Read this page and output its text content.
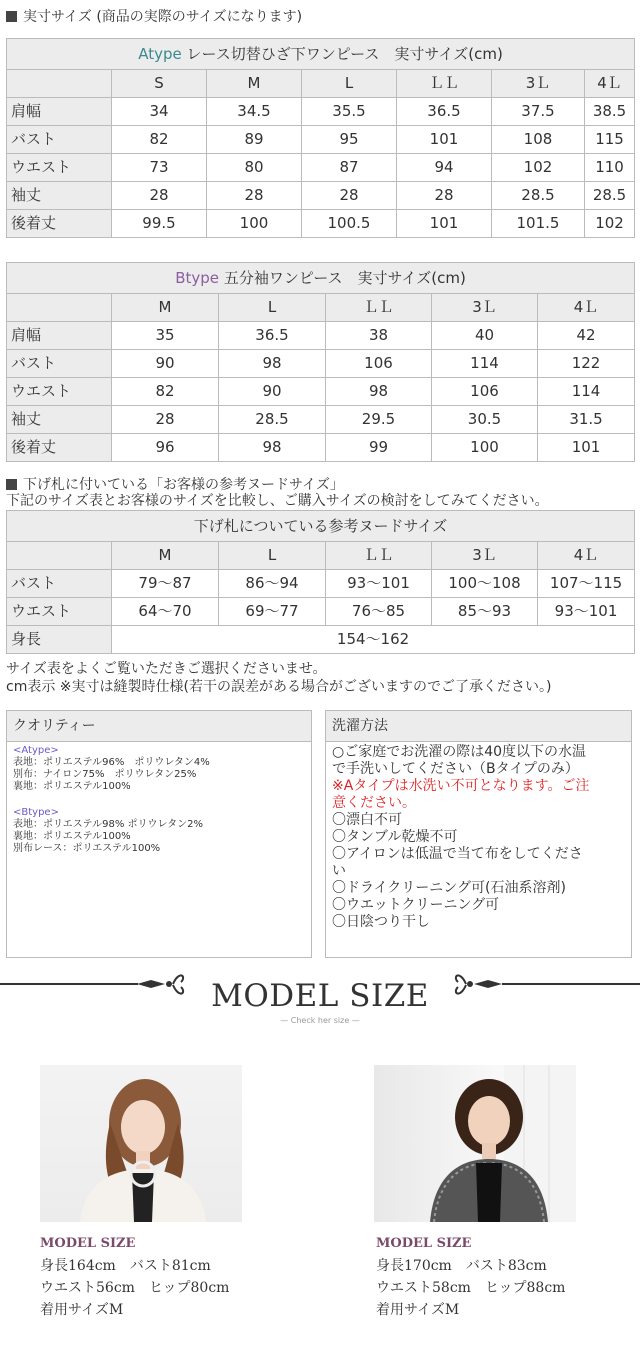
実寸サイズ (商品の実際のサイズになります)
Atype レース切替ひざ下ワンピース　実寸サイズ(cm)						
	S	M	L	ＬＬ	3Ｌ	4Ｌ
肩幅	34	34.5	35.5	36.5	37.5	38.5
バスト	82	89	95	101	108	115
ウエスト	73	80	87	94	102	110
袖丈	28	28	28	28	28.5	28.5
後着丈	99.5	100	100.5	101	101.5	102
Btype 五分袖ワンピース　実寸サイズ(cm)					
	M	L	ＬＬ	3Ｌ	4Ｌ
肩幅	35	36.5	38	40	42
バスト	90	98	106	114	122
ウエスト	82	90	98	106	114
袖丈	28	28.5	29.5	30.5	31.5
後着丈	96	98	99	100	101
下げ札に付いている「お客様の参考ヌードサイズ」
下記のサイズ表とお客様のサイズを比較し、ご購入サイズの検討をしてみてください。
下げ札についている参考ヌードサイズ					
	M	L	ＬＬ	3Ｌ	4Ｌ
バスト	79〜87	86〜94	93〜101	100〜108	107〜115
ウエスト	64〜70	69〜77	76〜85	85〜93	93〜101
身長	154〜162				
サイズ表をよくご覧いただきご選択くださいませ。
cm表示 ※実寸は縫製時仕様(若干の誤差がある場合がございますのでご了承ください。)
クオリティー
<Atype>
表地：ポリエステル96%　ポリウレタン4%
別布：ナイロン75%　ポリウレタン25%
裏地：ポリエステル100%
<Btype>
表地：ポリエステル98% ポリウレタン2%
裏地：ポリエステル100%
別布レース：ポリエステル100%
洗濯方法
○ご家庭でお洗濯の際は40度以下の水温
で手洗いしてください（Bタイプのみ）
※Aタイプは水洗い不可となります。ご注
意ください。
〇漂白不可
〇タンブル乾燥不可
〇アイロンは低温で当て布をしてくださ
い
〇ドライクリーニング可(石油系溶剤)
〇ウエットクリーニング可
〇日陰つり干し
MODEL SIZE
— Check her size —
MODEL SIZE
身長164cm　バスト81cm
ウエスト56cm　ヒップ80cm
着用サイズM
MODEL SIZE
身長170cm　バスト83cm
ウエスト58cm　ヒップ88cm
着用サイズM
